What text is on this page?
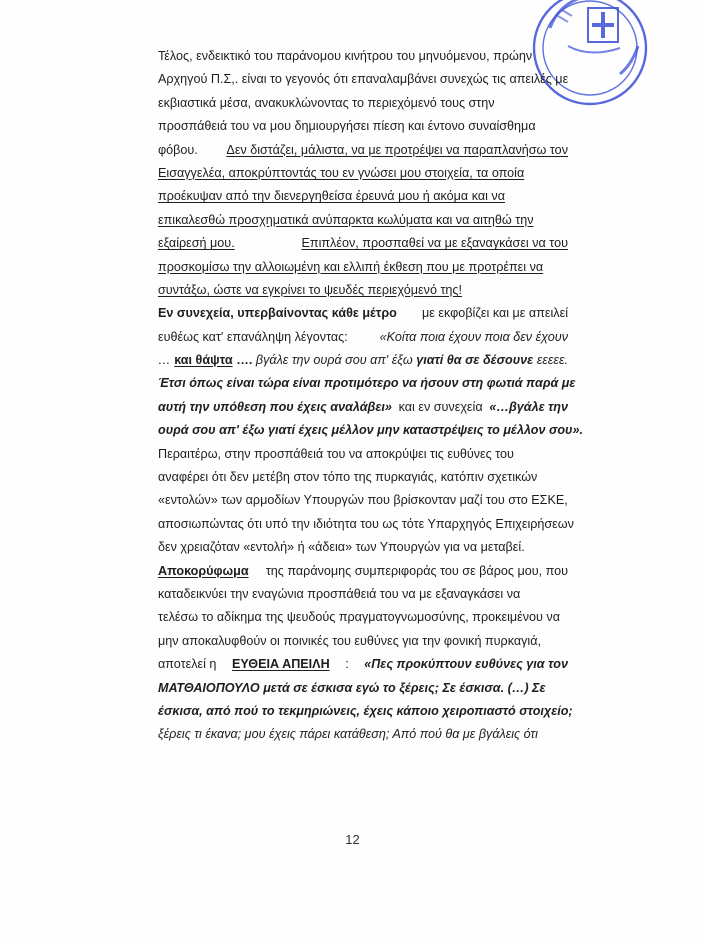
Τέλος, ενδεικτικό του παράνομου κινήτρου του μηνυόμενου, πρώην
Αρχηγού Π.Σ,. είναι το γεγονός ότι επαναλαμβάνει συνεχώς τις απειλές με
εκβιαστικά μέσα, ανακυκλώνοντας το περιεχόμενό τους στην
προσπάθειά του να μου δημιουργήσει πίεση και έντονο συναίσθημα
φόβου. Δεν διστάζει, μάλιστα, να με προτρέψει να παραπλανήσω τον
Εισαγγελέα, αποκρύπτοντάς του εν γνώσει μου στοιχεία, τα οποία
προέκυψαν από την διενεργηθείσα έρευνά μου ή ακόμα και να
επικαλεσθώ προσχηματικά ανύπαρκτα κωλύματα και να αιτηθώ την
εξαίρεσή μου.	Επιπλέον, προσπαθεί να με εξαναγκάσει να του
προσκομίσω την αλλοιωμένη και ελλιπή έκθεση που με προτρέπει να
συντάξω, ώστε να εγκρίνει το ψευδές περιεχόμενό της!
Εν συνεχεία, υπερβαίνοντας κάθε μέτρο με εκφοβίζει και με απειλεί
ευθέως κατ' επανάληψη λέγοντας:	«Κοίτα ποια έχουν ποια δεν έχουν
… και θάψτα …. βγάλε την ουρά σου απ' έξω γιατί θα σε δέσουνε εεεεε.
Έτσι όπως είναι τώρα είναι προτιμότερο να ήσουν στη φωτιά παρά με
αυτή την υπόθεση που έχεις αναλάβει» και εν συνεχεία «…βγάλε την
ουρά σου απ' έξω γιατί έχεις μέλλον μην καταστρέψεις το μέλλον σου».
Περαιτέρω, στην προσπάθειά του να αποκρύψει τις ευθύνες του
αναφέρει ότι δεν μετέβη στον τόπο της πυρκαγιάς, κατόπιν σχετικών
«εντολών» των αρμοδίων Υπουργών που βρίσκονταν μαζί του στο ΕΣΚΕ,
αποσιωπώντας ότι υπό την ιδιότητα του ως τότε Υπαρχηγός Επιχειρήσεων
δεν χρειαζόταν «εντολή» ή «άδεια» των Υπουργών για να μεταβεί.
Αποκορύφωμα της παράνομης συμπεριφοράς του σε βάρος μου, που
καταδεικνύει την εναγώνια προσπάθειά του να με εξαναγκάσει να
τελέσω το αδίκημα της ψευδούς πραγματογνωμοσύνης, προκειμένου να
μην αποκαλυφθούν οι ποινικές του ευθύνες για την φονική πυρκαγιά,
αποτελεί η ΕΥΘΕΙΑ ΑΠΕΙΛΗ : «Πες προκύπτουν ευθύνες για τον
ΜΑΤΘΑΙΟΠΟΥΛΟ μετά σε έσκισα εγώ το ξέρεις; Σε έσκισα. (…) Σε
έσκισα, από πού το τεκμηριώνεις, έχεις κάποιο χειροπιαστό στοιχείο;
ξέρεις τι έκανα; μου έχεις πάρει κατάθεση; Από πού θα με βγάλεις ότι
12
